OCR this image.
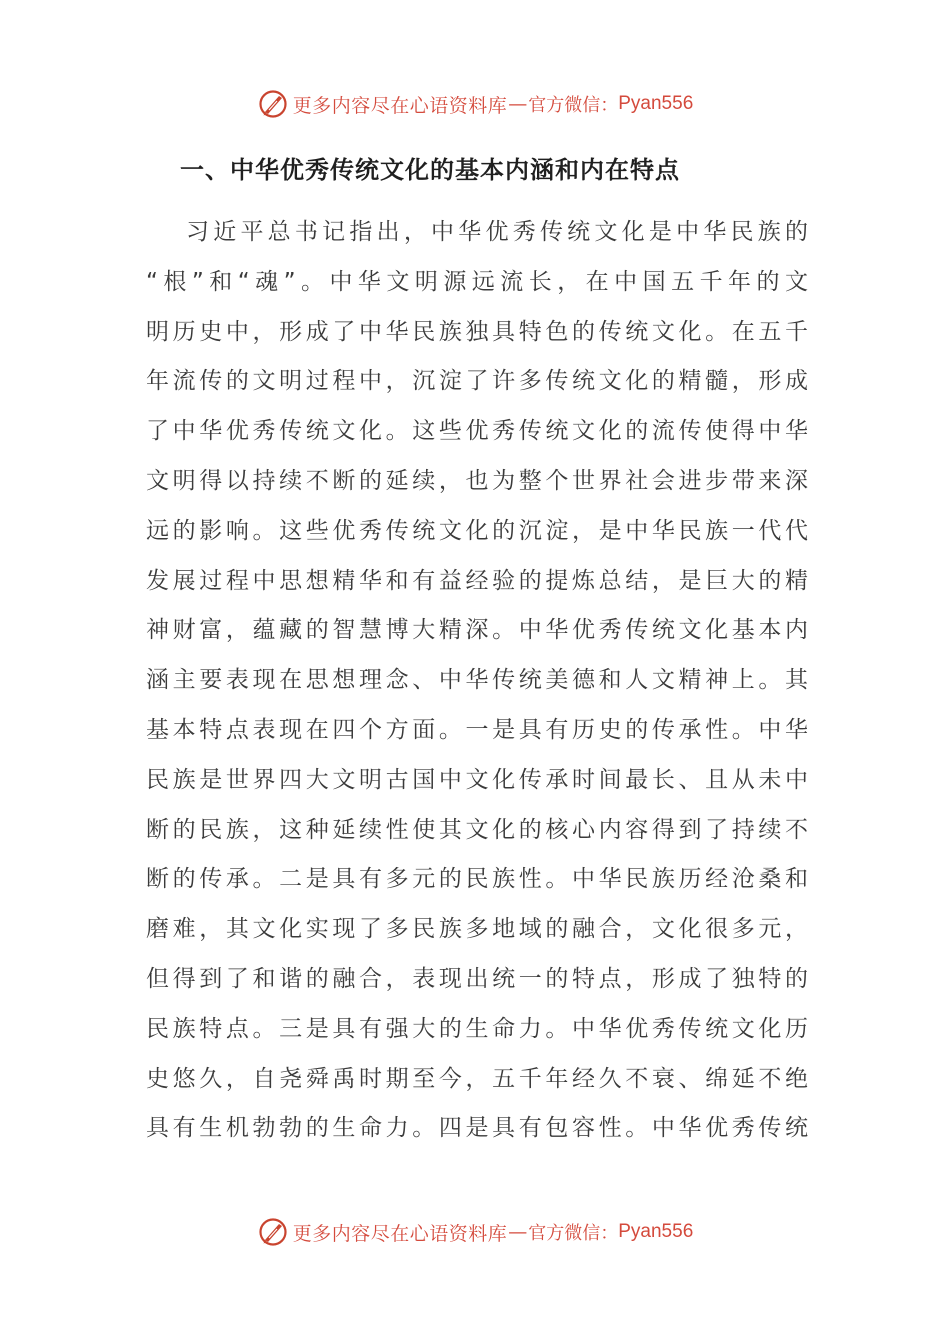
更多内容尽在心语资料库 — 官方微信： Pyan556
一、中华优秀传统文化的基本内涵和内在特点
习近平总书记指出，中华优秀传统文化是中华民族的
“根”和“魂”。中华文明源远流长，在中国五千年的文
明历史中，形成了中华民族独具特色的传统文化。在五千
年流传的文明过程中，沉淀了许多传统文化的精髓，形成
了中华优秀传统文化。这些优秀传统文化的流传使得中华
文明得以持续不断的延续，也为整个世界社会进步带来深
远的影响。这些优秀传统文化的沉淀，是中华民族一代代
发展过程中思想精华和有益经验的提炼总结，是巨大的精
神财富，蕴藏的智慧博大精深。中华优秀传统文化基本内
涵主要表现在思想理念、中华传统美德和人文精神上。其
基本特点表现在四个方面。一是具有历史的传承性。中华
民族是世界四大文明古国中文化传承时间最长、且从未中
断的民族，这种延续性使其文化的核心内容得到了持续不
断的传承。二是具有多元的民族性。中华民族历经沧桑和
磨难，其文化实现了多民族多地域的融合，文化很多元，
但得到了和谐的融合，表现出统一的特点，形成了独特的
民族特点。三是具有强大的生命力。中华优秀传统文化历
史悠久，自尧舜禹时期至今，五千年经久不衰、绵延不绝
具有生机勃勃的生命力。四是具有包容性。中华优秀传统
更多内容尽在心语资料库 — 官方微信： Pyan556
